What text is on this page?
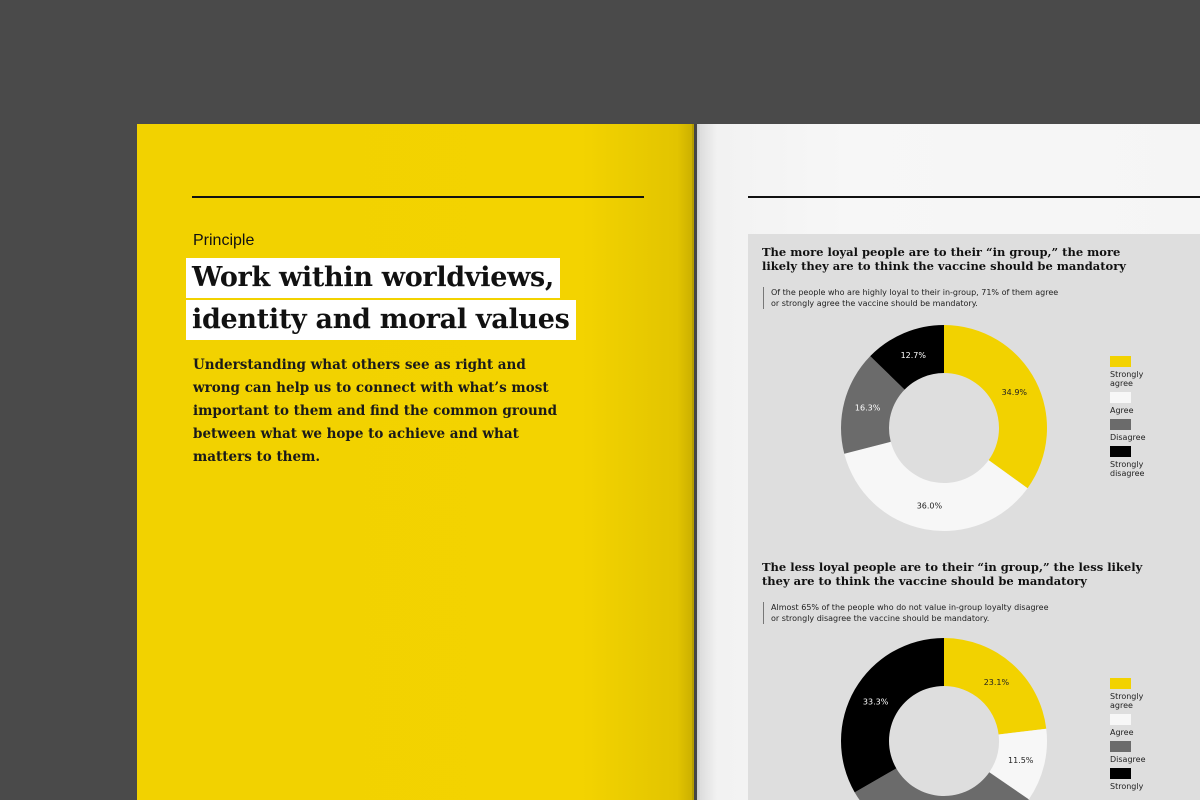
Principle
Work within worldviews,
identity and moral values
Understanding what others see as right and wrong can help us to connect with what’s most important to them and find the common ground between what we hope to achieve and what matters to them.
The more loyal people are to their “in group,” the more
likely they are to think the vaccine should be mandatory
Of the people who are highly loyal to their in-group, 71% of them agree
or strongly agree the vaccine should be mandatory.
34.9%
36.0%
16.3%
12.7%
Strongly agree
Agree
Disagree
Strongly disagree
The less loyal people are to their “in group,” the less likely
they are to think the vaccine should be mandatory
Almost 65% of the people who do not value in-group loyalty disagree
or strongly disagree the vaccine should be mandatory.
23.1%
11.5%
33.3%
Strongly agree
Agree
Disagree
Strongly
